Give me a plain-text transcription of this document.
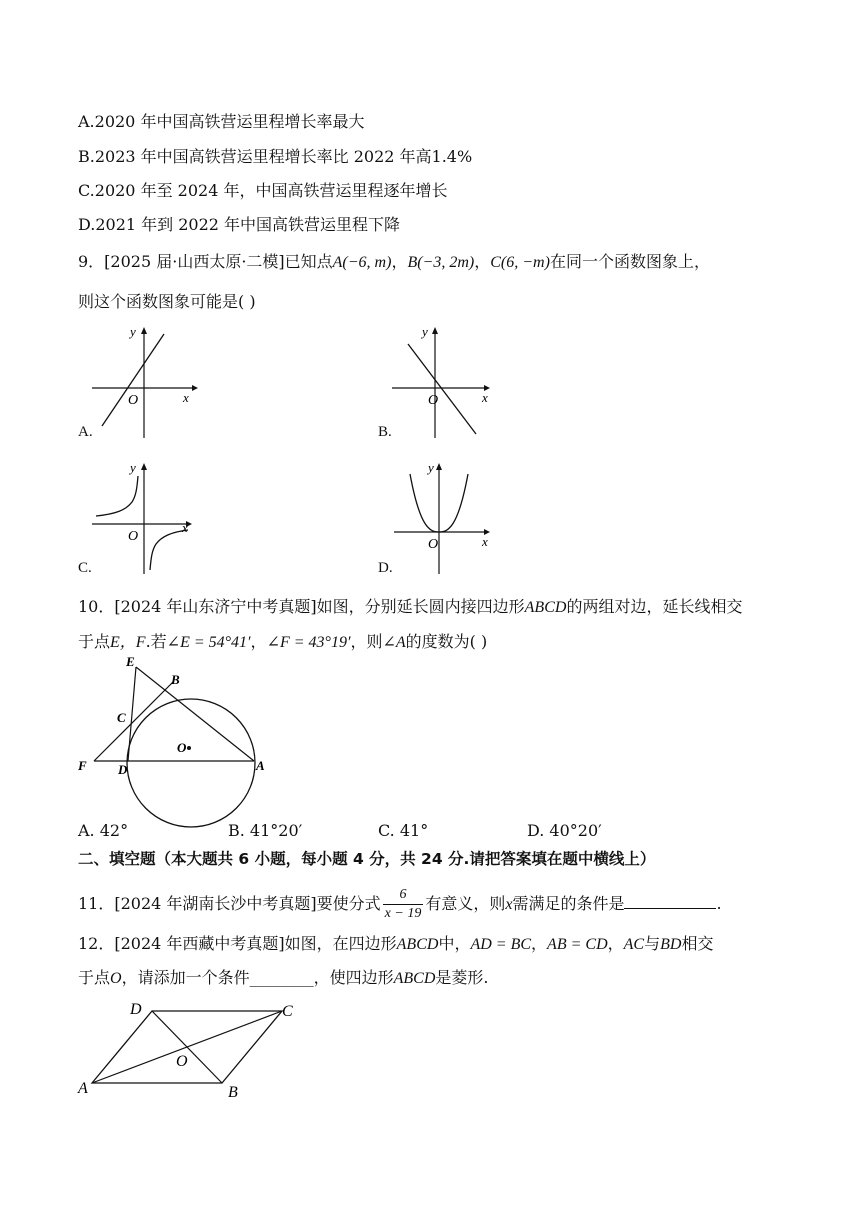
A.2020 年中国高铁营运里程增长率最大
B.2023 年中国高铁营运里程增长率比 2022 年高1.4%
C.2020 年至 2024 年，中国高铁营运里程逐年增长
D.2021 年到 2022 年中国高铁营运里程下降
9．[2025 届·山西太原·二模]已知点A(−6, m)，B(−3, 2m)，C(6, −m)在同一个函数图象上，
则这个函数图象可能是( )
y
x
O
A.
y
x
O
B.
y
x
O
C.
y
x
O
D.
10．[2024 年山东济宁中考真题]如图，分别延长圆内接四边形ABCD的两组对边，延长线相交
于点E，F.若∠E = 54°41′，∠F = 43°19′，则∠A的度数为( )
E
B
C
O
F D	A
A. 42°	B. 41°20′	C. 41°	D. 40°20′
二、填空题（本大题共 6 小题，每小题 4 分，共 24 分.请把答案填在题中横线上）
11．[2024 年湖南长沙中考真题]要使分式 $\frac{6}{x - 19}$ 有意义，则x需满足的条件是	.
12．[2024 年西藏中考真题]如图，在四边形ABCD中，AD = BC，AB = CD，AC与BD相交
于点O，请添加一个条件________，使四边形ABCD是菱形.
D	C
O
A	B
